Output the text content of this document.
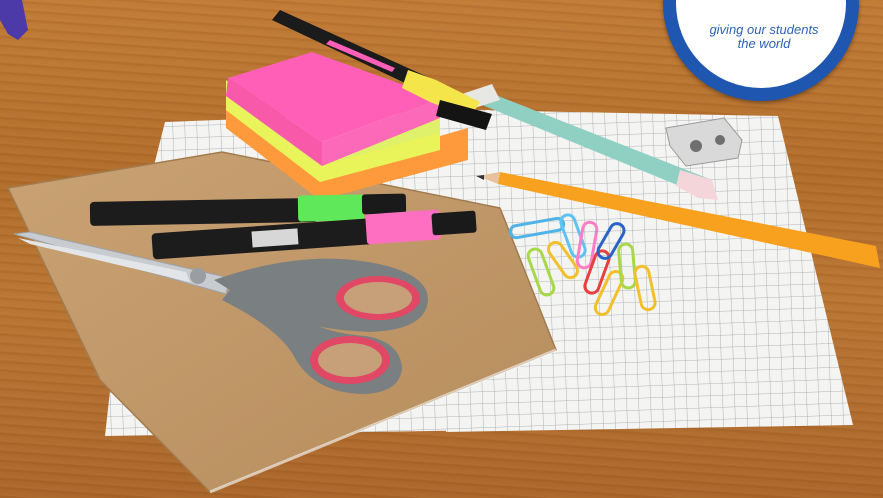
giving our students
the world
PUBLIC SCHOOLS
